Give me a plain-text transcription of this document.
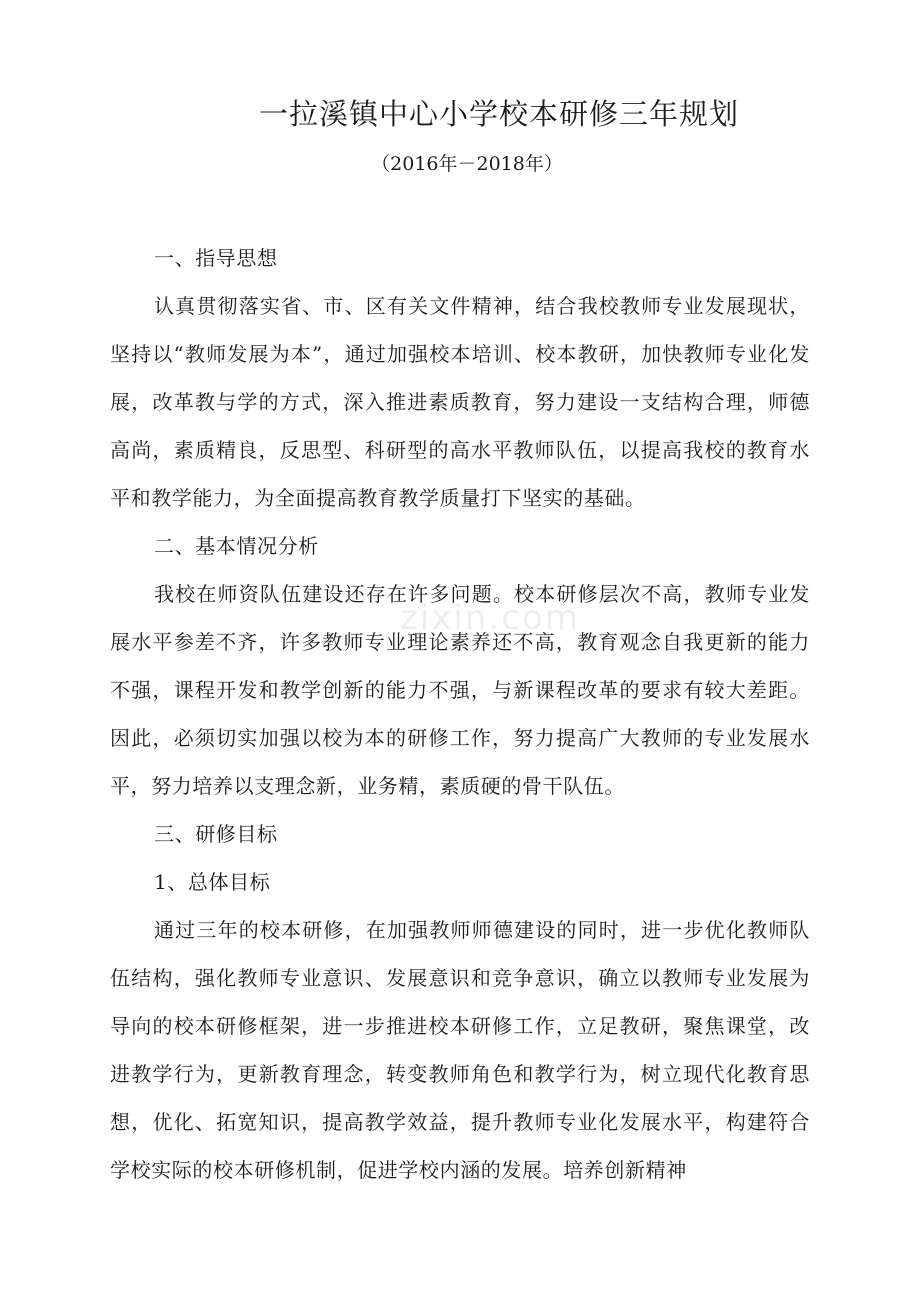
一拉溪镇中心小学校本研修三年规划
（2016年－2018年）

一、指导思想

认真贯彻落实省、市、区有关文件精神，结合我校教师专业发展现状，坚持以“教师发展为本”，通过加强校本培训、校本教研，加快教师专业化发展，改革教与学的方式，深入推进素质教育，努力建设一支结构合理，师德高尚，素质精良，反思型、科研型的高水平教师队伍，以提高我校的教育水平和教学能力，为全面提高教育教学质量打下坚实的基础。

二、基本情况分析

我校在师资队伍建设还存在许多问题。校本研修层次不高，教师专业发展水平参差不齐，许多教师专业理论素养还不高，教育观念自我更新的能力不强，课程开发和教学创新的能力不强，与新课程改革的要求有较大差距。因此，必须切实加强以校为本的研修工作，努力提高广大教师的专业发展水平，努力培养以支理念新，业务精，素质硬的骨干队伍。

三、研修目标

1、总体目标

通过三年的校本研修，在加强教师师德建设的同时，进一步优化教师队伍结构，强化教师专业意识、发展意识和竞争意识，确立以教师专业发展为导向的校本研修框架，进一步推进校本研修工作，立足教研，聚焦课堂，改进教学行为，更新教育理念，转变教师角色和教学行为，树立现代化教育思想，优化、拓宽知识，提高教学效益，提升教师专业化发展水平，构建符合学校实际的校本研修机制，促进学校内涵的发展。培养创新精神

zixin.com
